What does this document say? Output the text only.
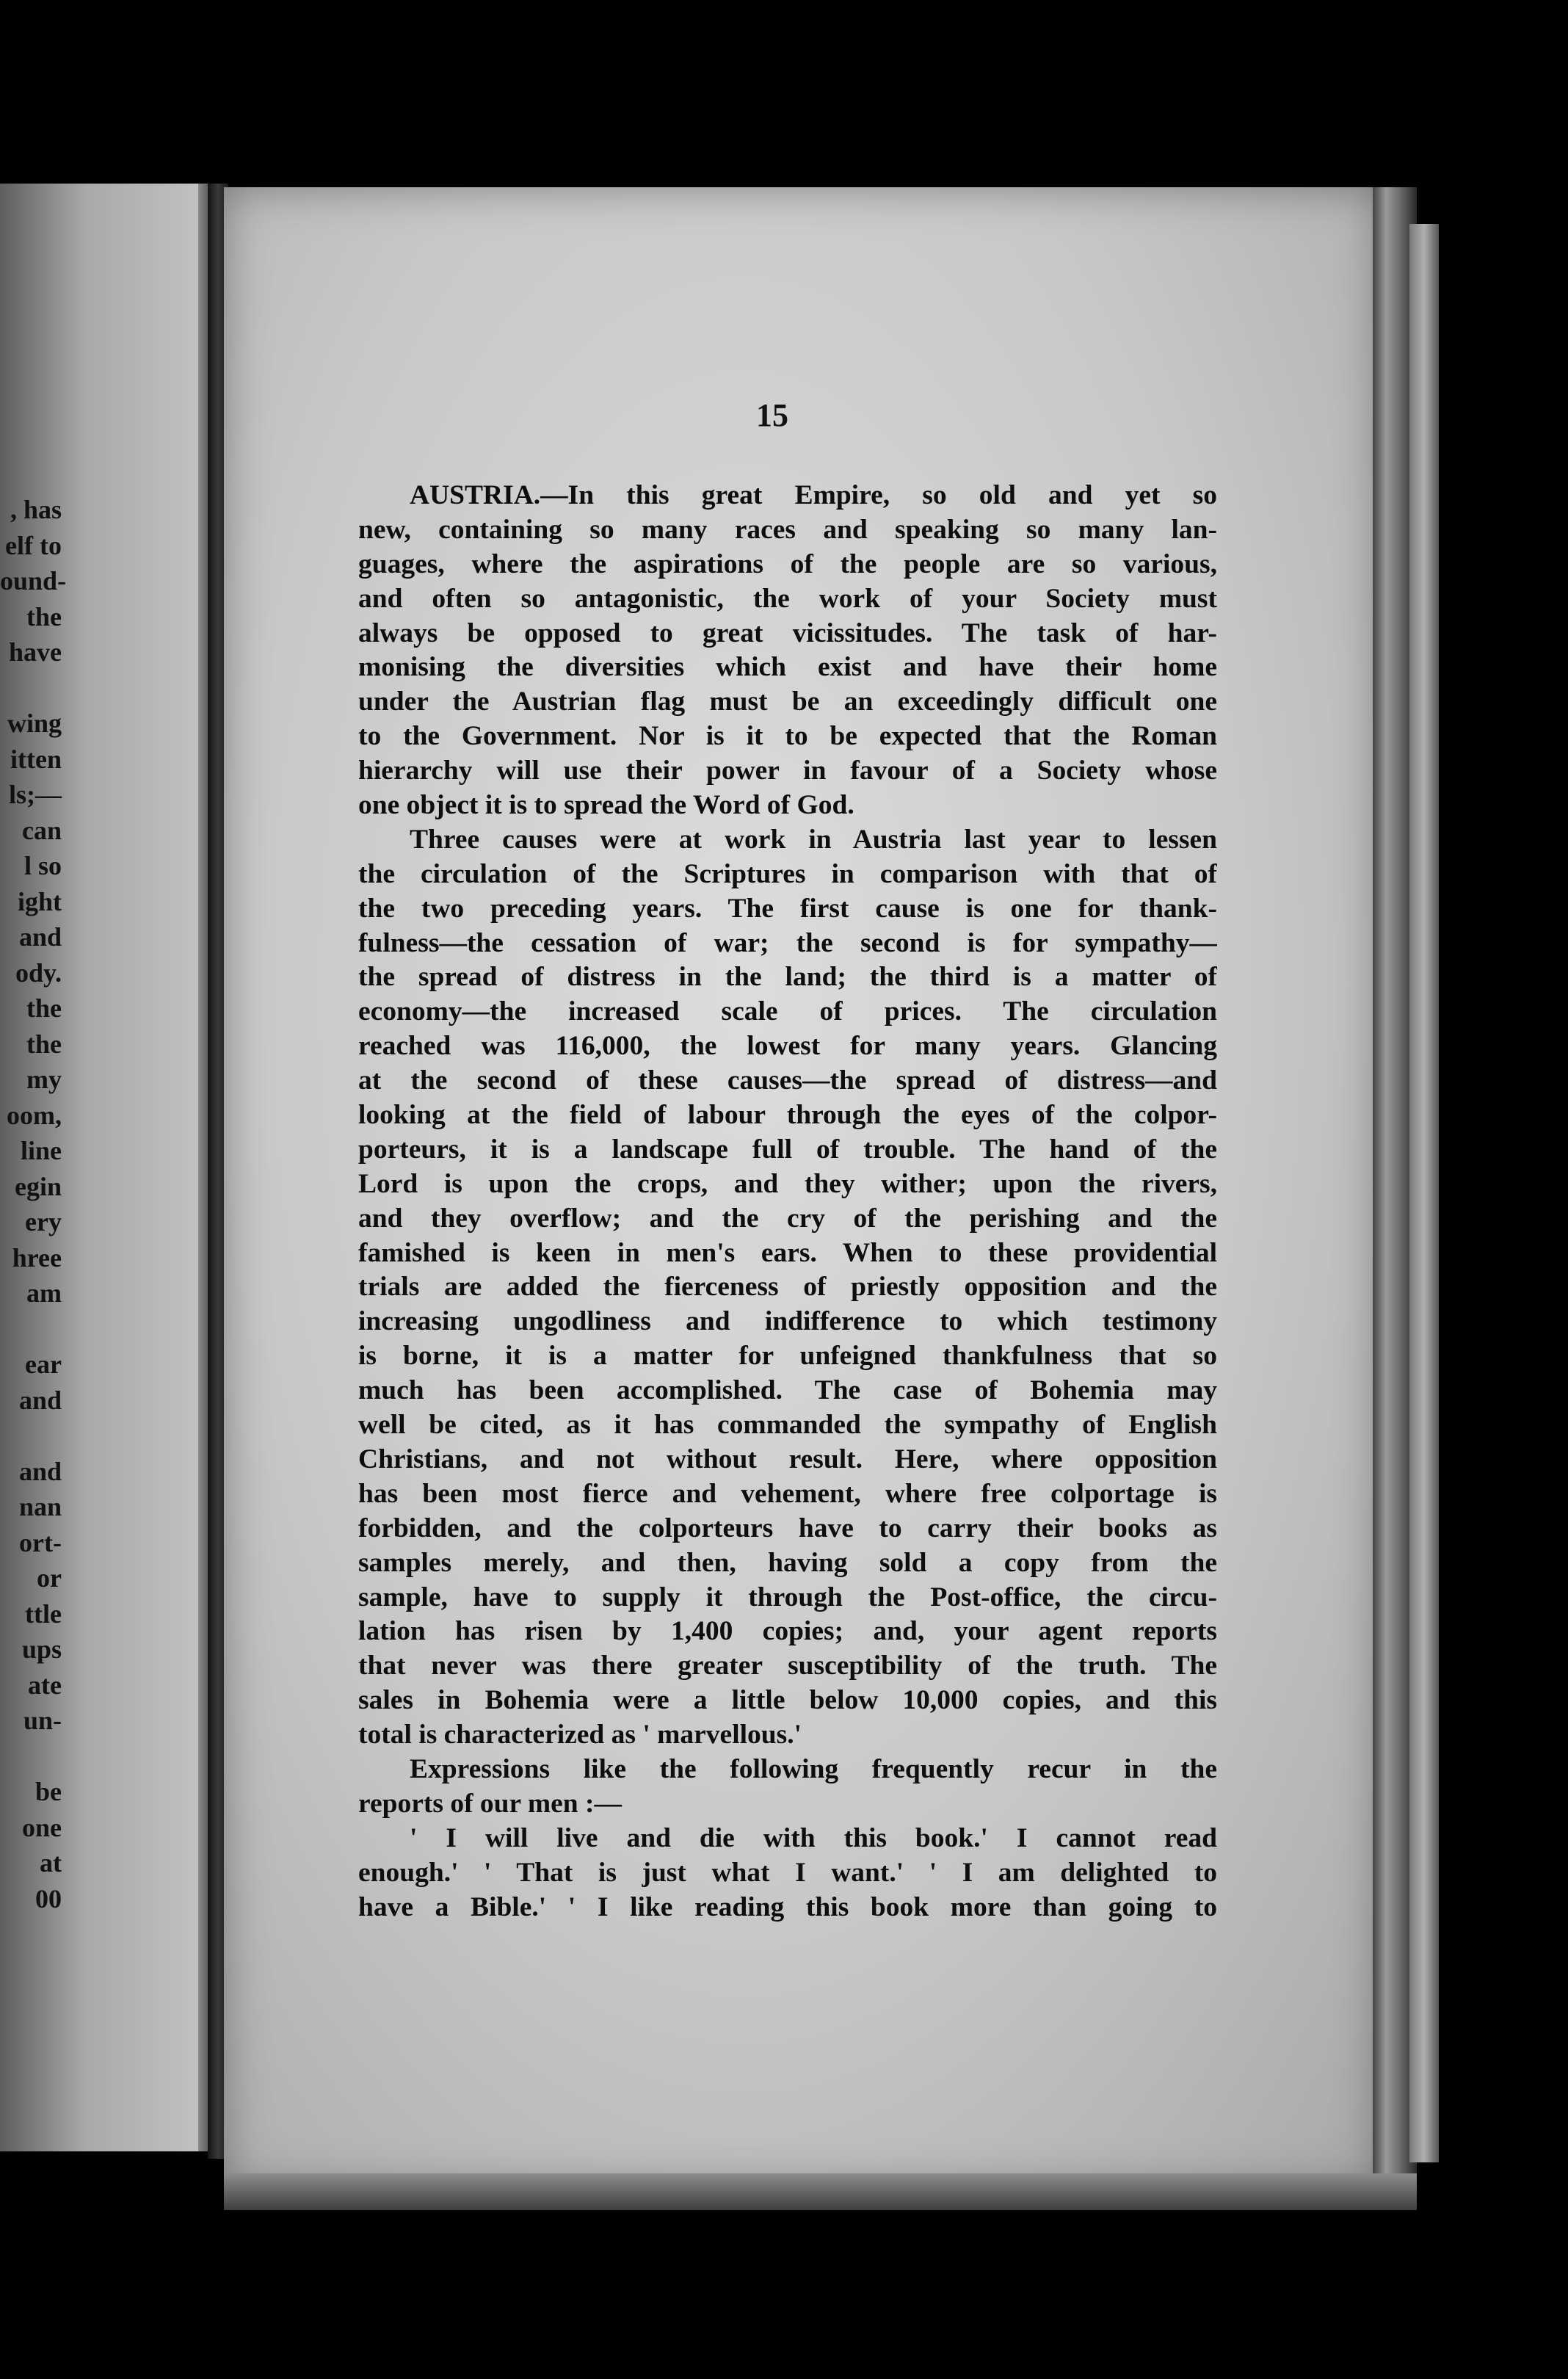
, has
elf to
ound-
the
have
wing
itten
ls;—
can
l so
ight
and
ody.
the
the
my
oom,
line
egin
ery
hree
am
ear
and
and
nan
ort-
or
ttle
ups
ate
un-
be
one
at
00
15
AUSTRIA.—In this great Empire, so old and yet so
new, containing so many races and speaking so many lan-
guages, where the aspirations of the people are so various,
and often so antagonistic, the work of your Society must
always be opposed to great vicissitudes. The task of har-
monising the diversities which exist and have their home
under the Austrian flag must be an exceedingly difficult one
to the Government. Nor is it to be expected that the Roman
hierarchy will use their power in favour of a Society whose
one object it is to spread the Word of God.
Three causes were at work in Austria last year to lessen
the circulation of the Scriptures in comparison with that of
the two preceding years. The first cause is one for thank-
fulness—the cessation of war; the second is for sympathy—
the spread of distress in the land; the third is a matter of
economy—the increased scale of prices. The circulation
reached was 116,000, the lowest for many years. Glancing
at the second of these causes—the spread of distress—and
looking at the field of labour through the eyes of the colpor-
porteurs, it is a landscape full of trouble. The hand of the
Lord is upon the crops, and they wither; upon the rivers,
and they overflow; and the cry of the perishing and the
famished is keen in men's ears. When to these providential
trials are added the fierceness of priestly opposition and the
increasing ungodliness and indifference to which testimony
is borne, it is a matter for unfeigned thankfulness that so
much has been accomplished. The case of Bohemia may
well be cited, as it has commanded the sympathy of English
Christians, and not without result. Here, where opposition
has been most fierce and vehement, where free colportage is
forbidden, and the colporteurs have to carry their books as
samples merely, and then, having sold a copy from the
sample, have to supply it through the Post-office, the circu-
lation has risen by 1,400 copies; and, your agent reports
that never was there greater susceptibility of the truth. The
sales in Bohemia were a little below 10,000 copies, and this
total is characterized as ' marvellous.'
Expressions like the following frequently recur in the
reports of our men :—
' I will live and die with this book.' I cannot read
enough.' ' That is just what I want.' ' I am delighted to
have a Bible.' ' I like reading this book more than going to
